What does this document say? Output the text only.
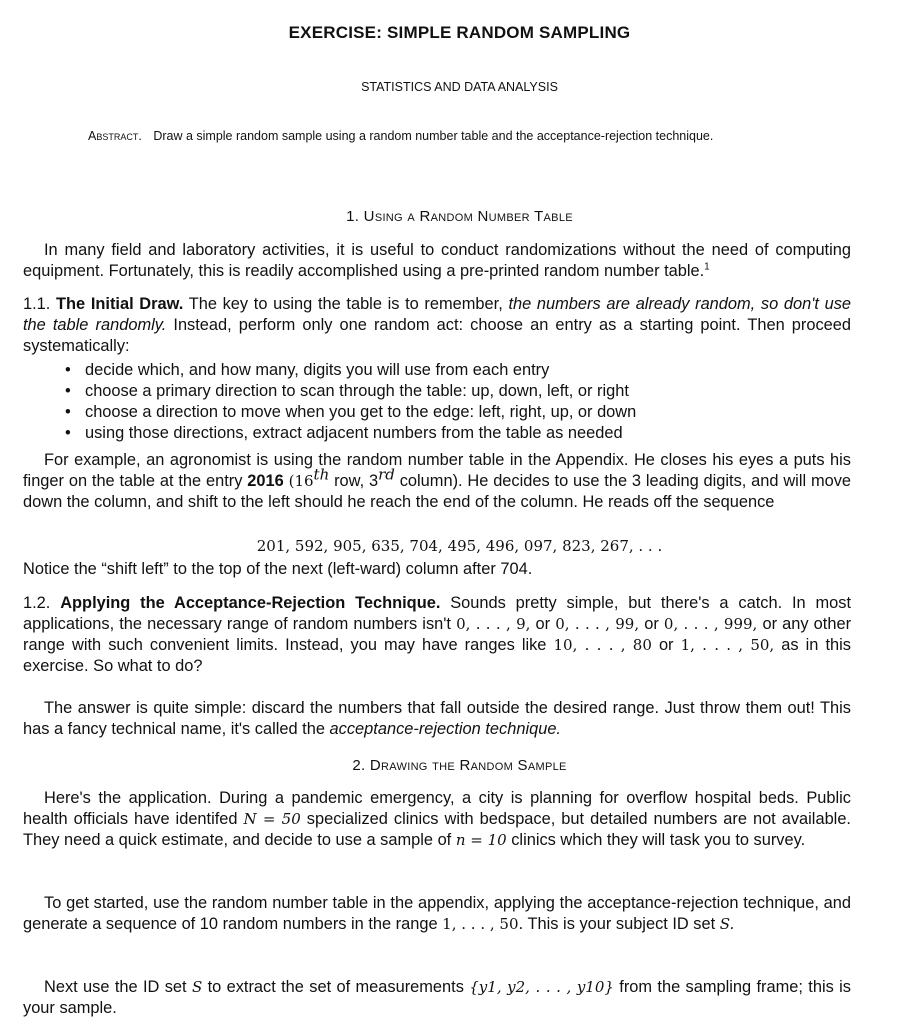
EXERCISE: SIMPLE RANDOM SAMPLING
STATISTICS AND DATA ANALYSIS
Abstract. Draw a simple random sample using a random number table and the acceptance-rejection technique.
1. Using a Random Number Table
In many field and laboratory activities, it is useful to conduct randomizations without the need of computing equipment. Fortunately, this is readily accomplished using a pre-printed random number table.$^1$
1.1. The Initial Draw. The key to using the table is to remember, the numbers are already random, so don't use the table randomly. Instead, perform only one random act: choose an entry as a starting point. Then proceed systematically:
• decide which, and how many, digits you will use from each entry
• choose a primary direction to scan through the table: up, down, left, or right
• choose a direction to move when you get to the edge: left, right, up, or down
• using those directions, extract adjacent numbers from the table as needed
For example, an agronomist is using the random number table in the Appendix. He closes his eyes a puts his finger on the table at the entry 2016 (16th row, 3rd column). He decides to use the 3 leading digits, and will move down the column, and shift to the left should he reach the end of the column. He reads off the sequence
201, 592, 905, 635, 704, 495, 496, 097, 823, 267, . . .
Notice the “shift left” to the top of the next (left-ward) column after 704.
1.2. Applying the Acceptance-Rejection Technique. Sounds pretty simple, but there's a catch. In most applications, the necessary range of random numbers isn't 0, . . . , 9, or 0, . . . , 99, or 0, . . . , 999, or any other range with such convenient limits. Instead, you may have ranges like 10, . . . , 80 or 1, . . . , 50, as in this exercise. So what to do?
The answer is quite simple: discard the numbers that fall outside the desired range. Just throw them out! This has a fancy technical name, it's called the acceptance-rejection technique.
2. Drawing the Random Sample
Here's the application. During a pandemic emergency, a city is planning for overflow hospital beds. Public health officials have identifed N = 50 specialized clinics with bedspace, but detailed numbers are not available. They need a quick estimate, and decide to use a sample of n = 10 clinics which they will task you to survey.
To get started, use the random number table in the appendix, applying the acceptance-rejection technique, and generate a sequence of 10 random numbers in the range 1, . . . , 50. This is your subject ID set S.
Next use the ID set S to extract the set of measurements {y1, y2, . . . , y10} from the sampling frame; this is your sample.
